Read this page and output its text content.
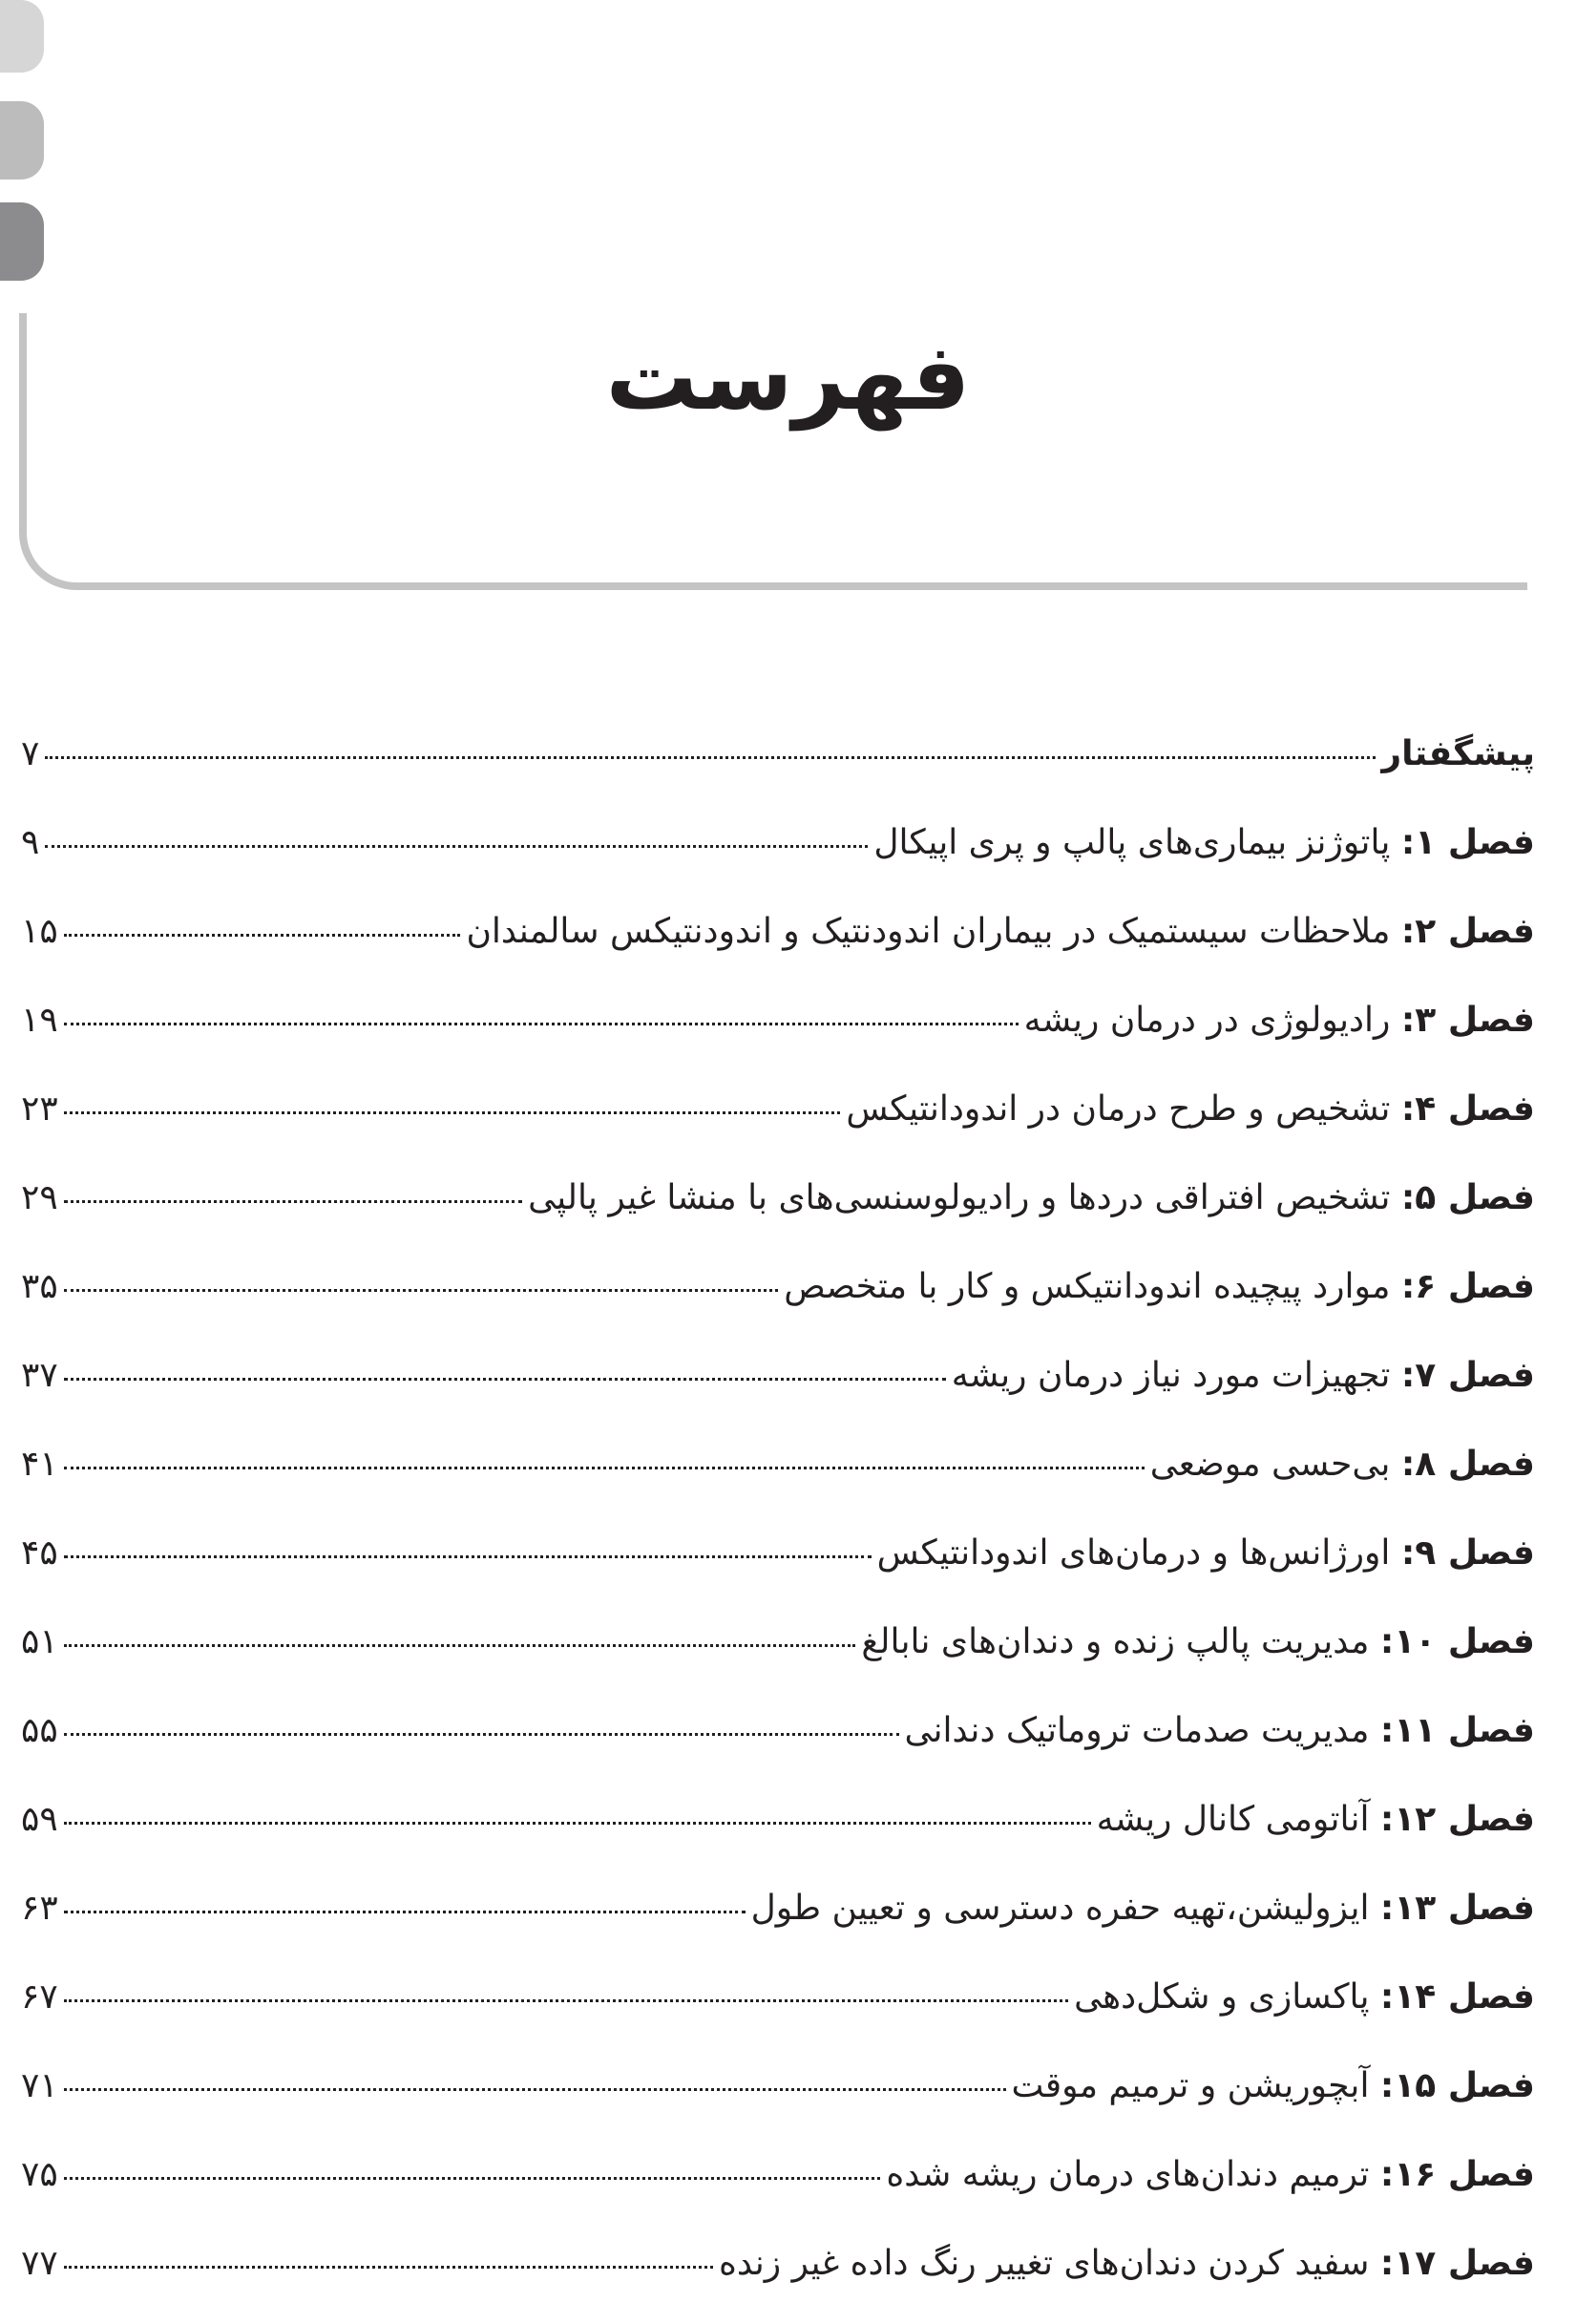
فهرست
پیشگفتار
۷
فصل ۱: پاتوژنز بیماری‌های پالپ و پری اپیکال
۹
فصل ۲: ملاحظات سیستمیک در بیماران اندودنتیک و اندودنتیکس سالمندان
۱۵
فصل ۳: رادیولوژی در درمان ریشه
۱۹
فصل ۴: تشخیص و طرح درمان در اندودانتیکس
۲۳
فصل ۵: تشخیص افتراقی دردها و رادیولوسنسی‌های با منشا غیر پالپی
۲۹
فصل ۶: موارد پیچیده اندودانتیکس و کار با متخصص
۳۵
فصل ۷: تجهیزات مورد نیاز درمان ریشه
۳۷
فصل ۸: بی‌حسی موضعی
۴۱
فصل ۹: اورژانس‌ها و درمان‌های اندودانتیکس
۴۵
فصل ۱۰: مدیریت پالپ زنده و دندان‌های نابالغ
۵۱
فصل ۱۱: مدیریت صدمات تروماتیک دندانی
۵۵
فصل ۱۲: آناتومی کانال ریشه
۵۹
فصل ۱۳: ایزولیشن،تهیه حفره دسترسی و تعیین طول
۶۳
فصل ۱۴: پاکسازی و شکل‌دهی
۶۷
فصل ۱۵: آبچوریشن و ترمیم موقت
۷۱
فصل ۱۶: ترمیم دندان‌های درمان ریشه شده
۷۵
فصل ۱۷: سفید کردن دندان‌های تغییر رنگ داده غیر زنده
۷۷
